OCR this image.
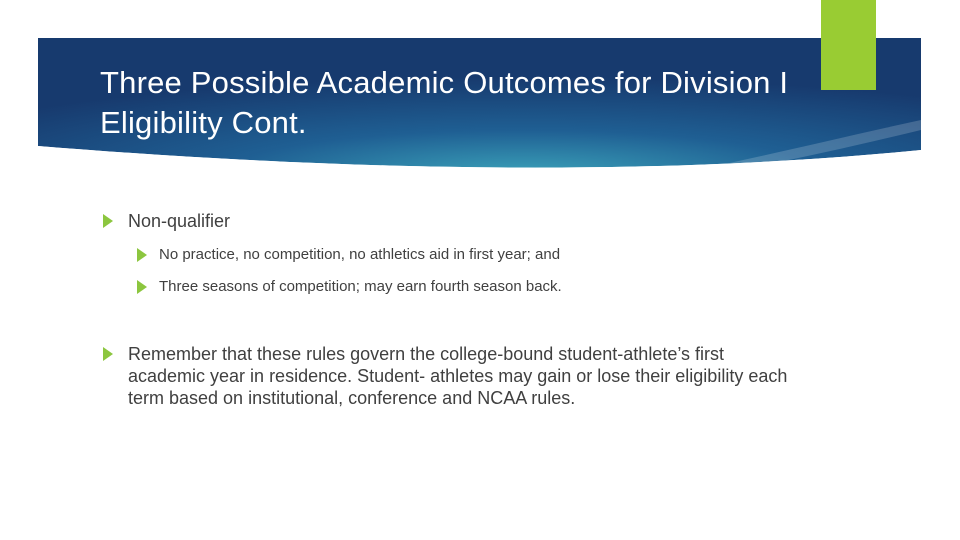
Three Possible Academic Outcomes for Division I Eligibility Cont.
Non-qualifier
No practice, no competition, no athletics aid in first year; and
Three seasons of competition; may earn fourth season back.
Remember that these rules govern the college-bound student-athlete’s first academic year in residence. Student- athletes may gain or lose their eligibility each term based on institutional, conference and NCAA rules.
